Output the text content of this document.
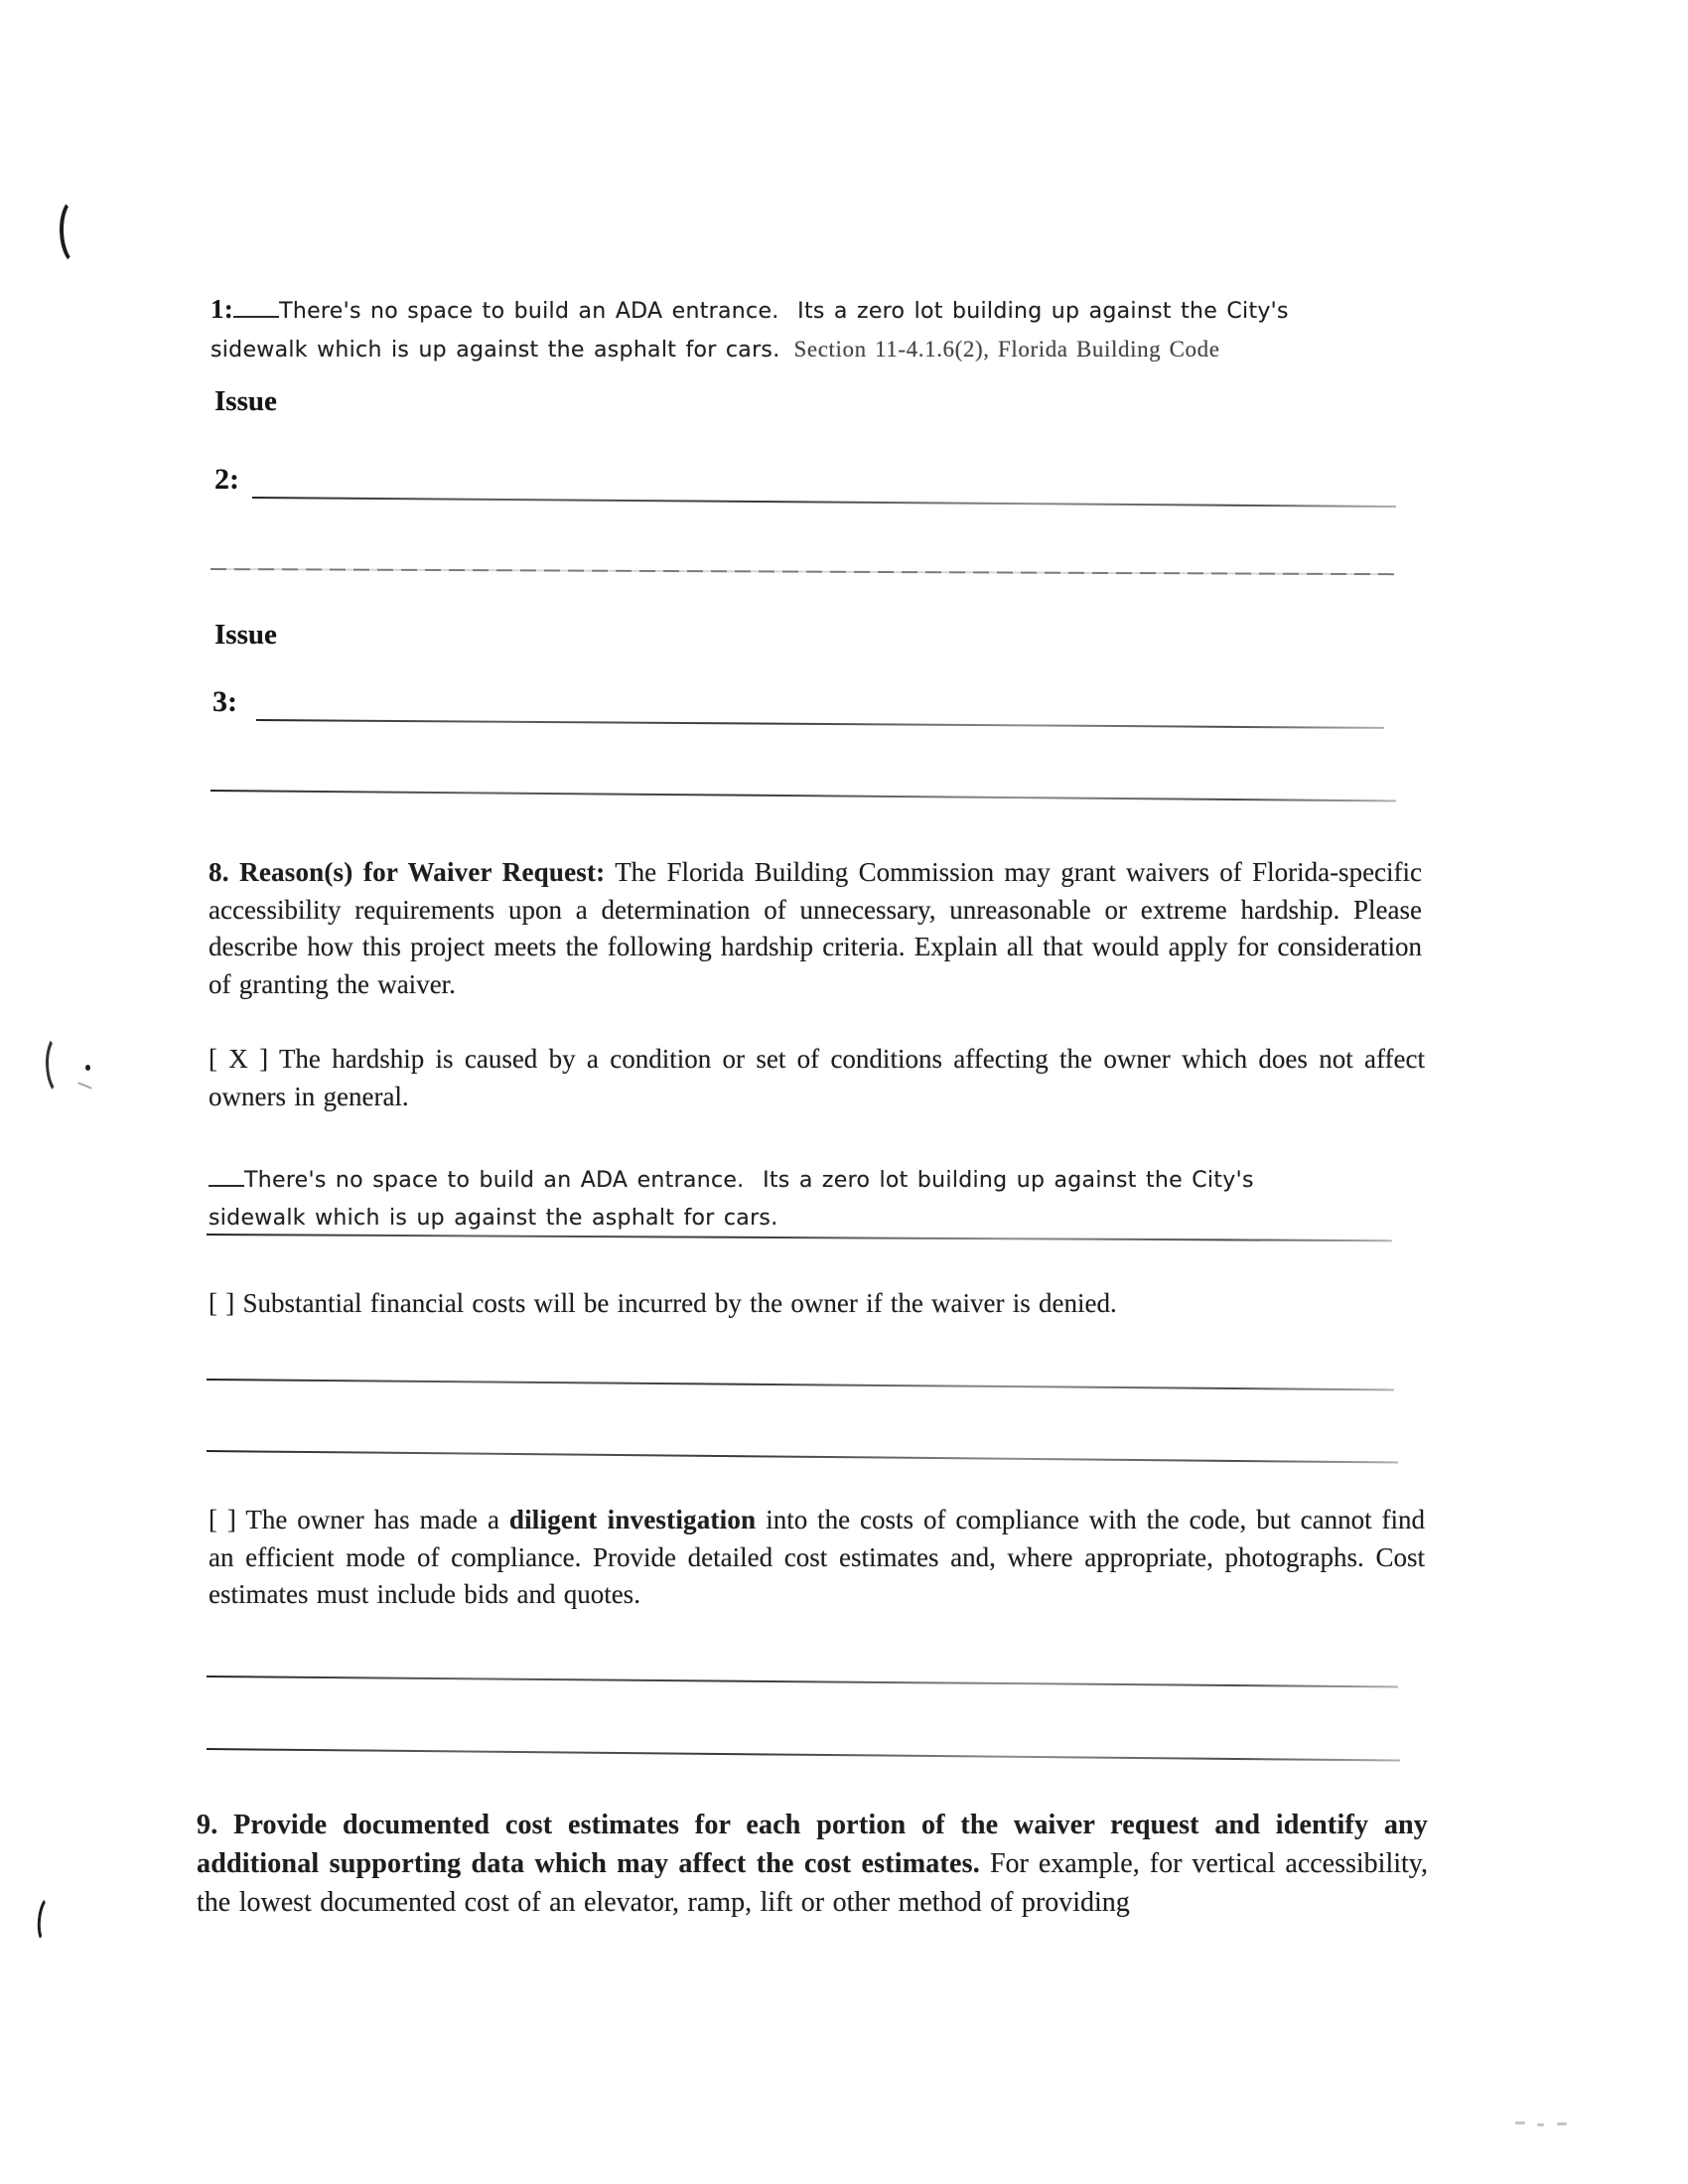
1: There's no space to build an ADA entrance.  Its a zero lot building up against the City's
sidewalk which is up against the asphalt for cars. Section 11-4.1.6(2), Florida Building Code
Issue
2:
Issue
3:

8. Reason(s) for Waiver Request: The Florida Building Commission may grant waivers of Florida-specific accessibility requirements upon a determination of unnecessary, unreasonable or extreme hardship. Please describe how this project meets the following hardship criteria. Explain all that would apply for consideration of granting the waiver.

[ X ] The hardship is caused by a condition or set of conditions affecting the owner which does not affect owners in general.

There's no space to build an ADA entrance.  Its a zero lot building up against the City's
sidewalk which is up against the asphalt for cars.

[ ] Substantial financial costs will be incurred by the owner if the waiver is denied.

[ ] The owner has made a diligent investigation into the costs of compliance with the code, but cannot find an efficient mode of compliance. Provide detailed cost estimates and, where appropriate, photographs. Cost estimates must include bids and quotes.

9. Provide documented cost estimates for each portion of the waiver request and identify any additional supporting data which may affect the cost estimates. For example, for vertical accessibility, the lowest documented cost of an elevator, ramp, lift or other method of providing
